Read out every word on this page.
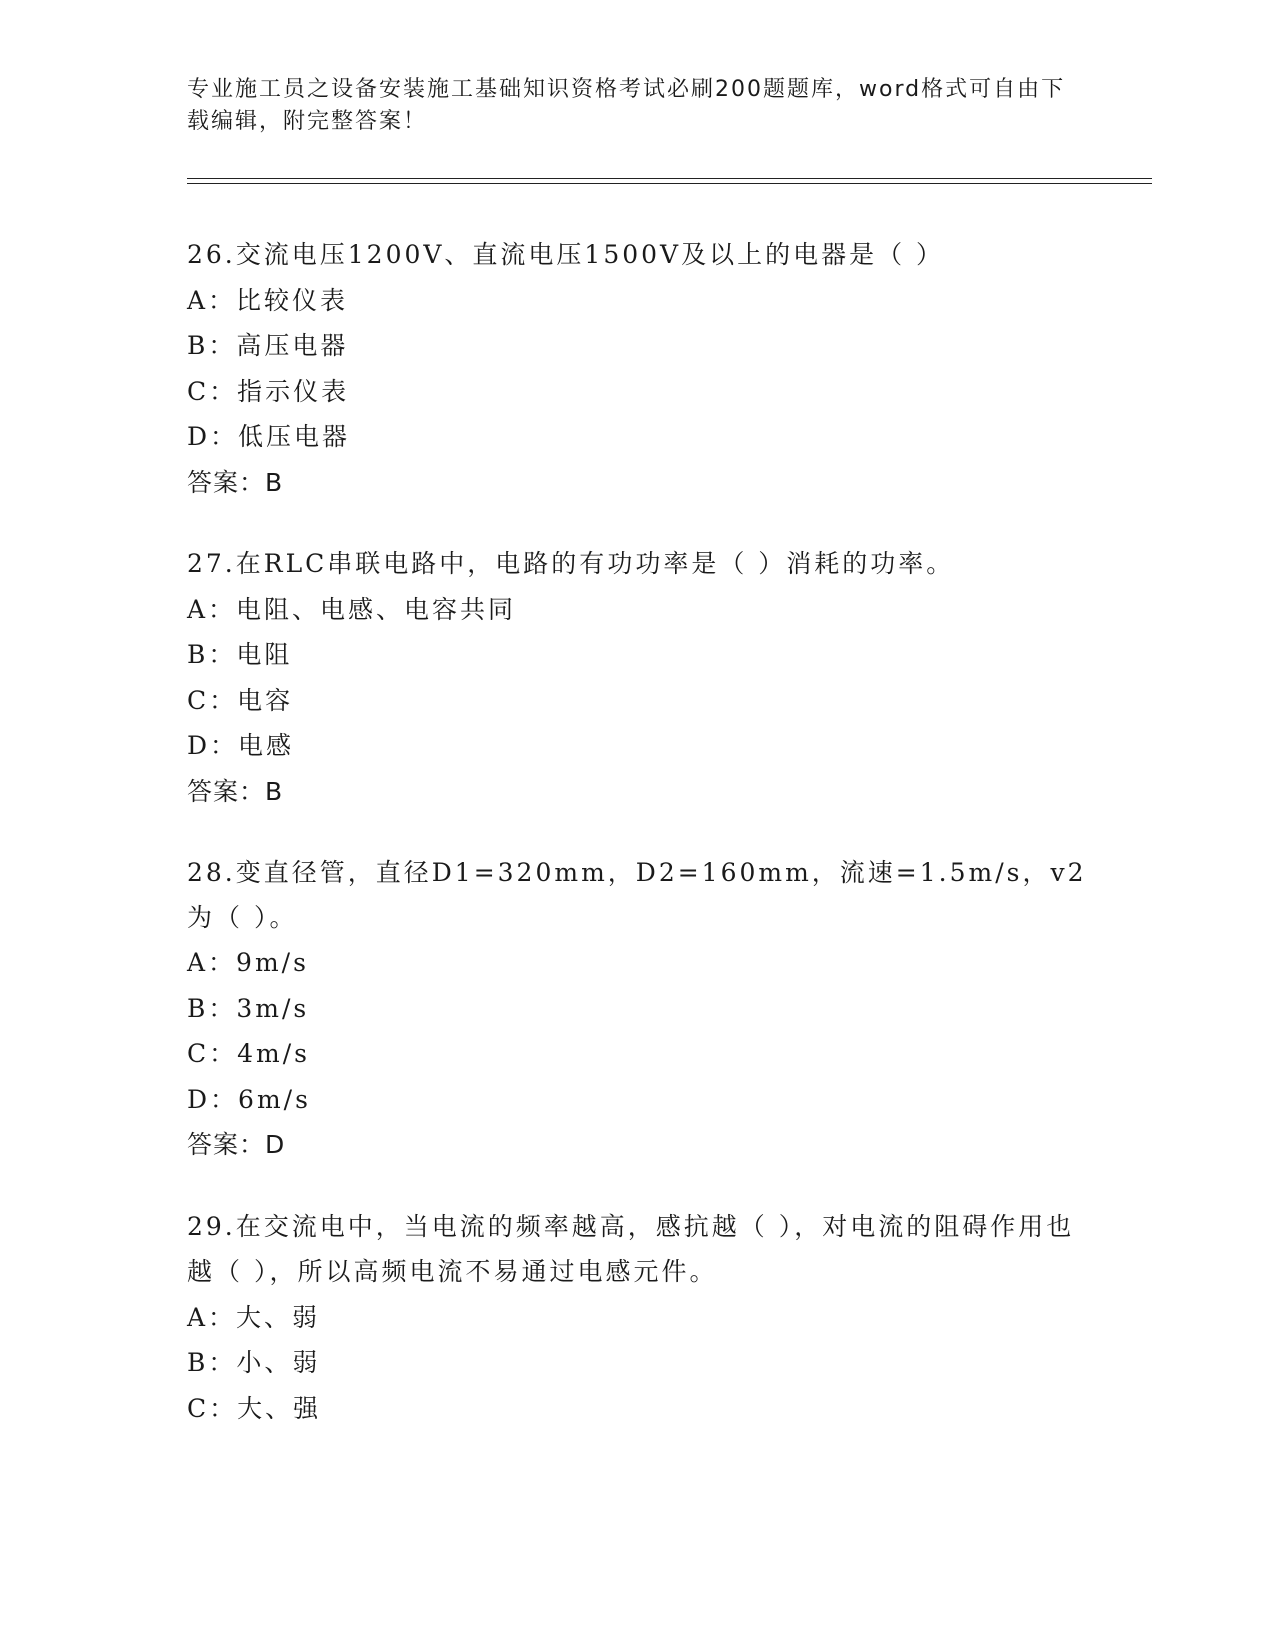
专业施工员之设备安装施工基础知识资格考试必刷200题题库，word格式可自由下载编辑，附完整答案！

26.交流电压1200V、直流电压1500V及以上的电器是（ ）

A：比较仪表
B：高压电器
C：指示仪表
D：低压电器
答案：B

27.在RLC串联电路中，电路的有功功率是（ ）消耗的功率。

A：电阻、电感、电容共同
B：电阻
C：电容
D：电感
答案：B

28.变直径管，直径D1=320mm，D2=160mm，流速=1.5m/s，v2为（ ）。

A：9m/s
B：3m/s
C：4m/s
D：6m/s
答案：D

29.在交流电中，当电流的频率越高，感抗越（ ），对电流的阻碍作用也越（ ），所以高频电流不易通过电感元件。

A：大、弱
B：小、弱
C：大、强
